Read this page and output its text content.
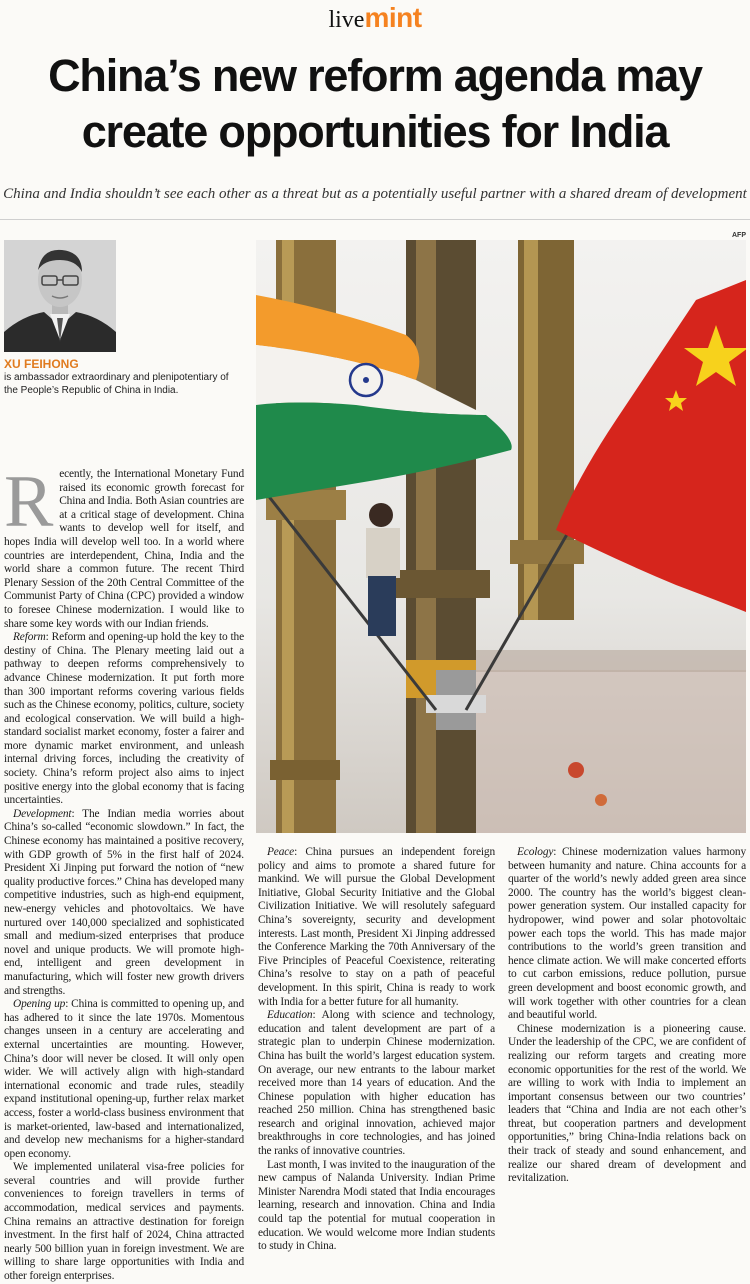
livemint
China’s new reform agenda may
create opportunities for India
China and India shouldn’t see each other as a threat but as a potentially useful partner with a shared dream of development
XU FEIHONG
is ambassador extraordinary and plenipotentiary of the People’s Republic of China in India.
AFP

Recently, the International Monetary Fund raised its economic growth forecast for China and India. Both Asian countries are at a critical stage of development. China wants to develop well for itself, and hopes India will develop well too. In a world where countries are interdependent, China, India and the world share a common future. The recent Third Plenary Session of the 20th Central Committee of the Communist Party of China (CPC) provided a window to foresee Chinese modernization. I would like to share some key words with our Indian friends.

Reform: Reform and opening-up hold the key to the destiny of China. The Plenary meeting laid out a pathway to deepen reforms comprehensively to advance Chinese modernization. It put forth more than 300 important reforms covering various fields such as the Chinese economy, politics, culture, society and ecological conservation. We will build a high-standard socialist market economy, foster a fairer and more dynamic market environment, and unleash internal driving forces, including the creativity of society. China’s reform project also aims to inject positive energy into the global economy that is facing uncertainties.

Development: The Indian media worries about China’s so-called “economic slowdown.” In fact, the Chinese economy has maintained a positive recovery, with GDP growth of 5% in the first half of 2024. President Xi Jinping put forward the notion of “new quality productive forces.” China has developed many competitive industries, such as high-end equipment, new-energy vehicles and photovoltaics. We have nurtured over 140,000 specialized and sophisticated small and medium-sized enterprises that produce novel and unique products. We will promote high-end, intelligent and green development in manufacturing, which will foster new growth drivers and strengths.

Opening up: China is committed to opening up, and has adhered to it since the late 1970s. Momentous changes unseen in a century are accelerating and external uncertainties are mounting. However, China’s door will never be closed. It will only open wider. We will actively align with high-standard international economic and trade rules, steadily expand institutional opening-up, further relax market access, foster a world-class business environment that is market-oriented, law-based and internationalized, and develop new mechanisms for a higher-standard open economy.

We implemented unilateral visa-free policies for several countries and will provide further conveniences to foreign travellers in terms of accommodation, medical services and payments. China remains an attractive destination for foreign investment. In the first half of 2024, China attracted nearly 500 billion yuan in foreign investment. We are willing to share large opportunities with India and other foreign enterprises.

Peace: China pursues an independent foreign policy and aims to promote a shared future for mankind. We will pursue the Global Development Initiative, Global Security Initiative and the Global Civilization Initiative. We will resolutely safeguard China’s sovereignty, security and development interests. Last month, President Xi Jinping addressed the Conference Marking the 70th Anniversary of the Five Principles of Peaceful Coexistence, reiterating China’s resolve to stay on a path of peaceful development. In this spirit, China is ready to work with India for a better future for all humanity.

Education: Along with science and technology, education and talent development are part of a strategic plan to underpin Chinese modernization. China has built the world’s largest education system. On average, our new entrants to the labour market received more than 14 years of education. And the Chinese population with higher education has reached 250 million. China has strengthened basic research and original innovation, achieved major breakthroughs in core technologies, and has joined the ranks of innovative countries.

Last month, I was invited to the inauguration of the new campus of Nalanda University. Indian Prime Minister Narendra Modi stated that India encourages learning, research and innovation. China and India could tap the potential for mutual cooperation in education. We would welcome more Indian students to study in China.

Ecology: Chinese modernization values harmony between humanity and nature. China accounts for a quarter of the world’s newly added green area since 2000. The country has the world’s biggest clean-power generation system. Our installed capacity for hydropower, wind power and solar photovoltaic power each tops the world. This has made major contributions to the world’s green transition and hence climate action. We will make concerted efforts to cut carbon emissions, reduce pollution, pursue green development and boost economic growth, and will work together with other countries for a clean and beautiful world.

Chinese modernization is a pioneering cause. Under the leadership of the CPC, we are confident of realizing our reform targets and creating more economic opportunities for the rest of the world. We are willing to work with India to implement an important consensus between our two countries’ leaders that “China and India are not each other’s threat, but cooperation partners and development opportunities,” bring China-India relations back on their track of steady and sound enhancement, and realize our shared dream of development and revitalization.
